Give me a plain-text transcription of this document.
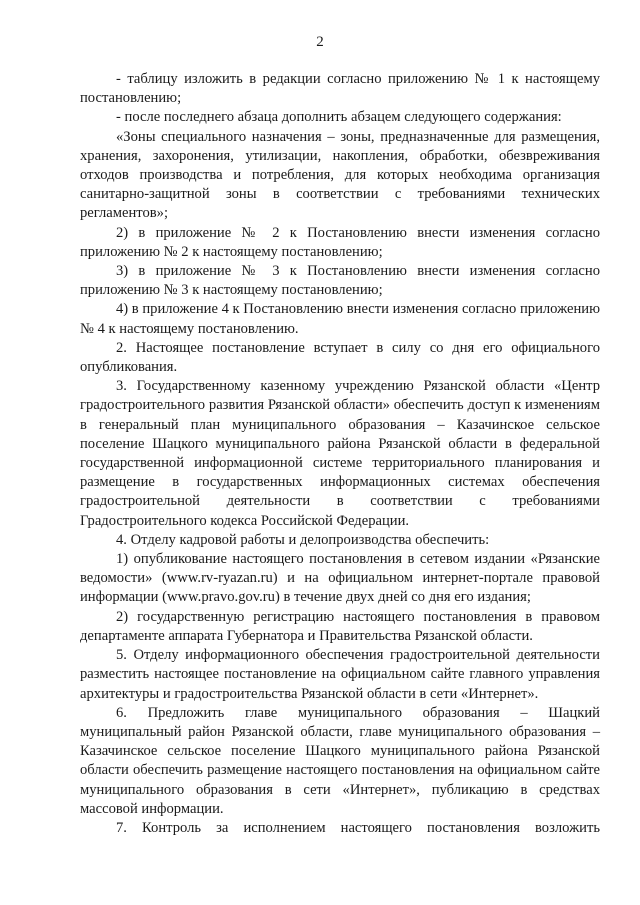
2

- таблицу изложить в редакции согласно приложению № 1 к настоящему постановлению;

- после последнего абзаца дополнить абзацем следующего содержания:

«Зоны специального назначения – зоны, предназначенные для размещения, хранения, захоронения, утилизации, накопления, обработки, обезвреживания отходов производства и потребления, для которых необходима организация санитарно-защитной зоны в соответствии с требованиями технических регламентов»;

2) в приложение № 2 к Постановлению внести изменения согласно приложению № 2 к настоящему постановлению;

3) в приложение № 3 к Постановлению внести изменения согласно приложению № 3 к настоящему постановлению;

4) в приложение 4 к Постановлению внести изменения согласно приложению № 4 к настоящему постановлению.

2. Настоящее постановление вступает в силу со дня его официального опубликования.

3. Государственному казенному учреждению Рязанской области «Центр градостроительного развития Рязанской области» обеспечить доступ к изменениям в генеральный план муниципального образования – Казачинское сельское поселение Шацкого муниципального района Рязанской области в федеральной государственной информационной системе территориального планирования и размещение в государственных информационных системах обеспечения градостроительной деятельности в соответствии с требованиями Градостроительного кодекса Российской Федерации.

4. Отделу кадровой работы и делопроизводства обеспечить:

1) опубликование настоящего постановления в сетевом издании «Рязанские ведомости» (www.rv-ryazan.ru) и на официальном интернет-портале правовой информации (www.pravo.gov.ru) в течение двух дней со дня его издания;

2) государственную регистрацию настоящего постановления в правовом департаменте аппарата Губернатора и Правительства Рязанской области.

5. Отделу информационного обеспечения градостроительной деятельности разместить настоящее постановление на официальном сайте главного управления архитектуры и градостроительства Рязанской области в сети «Интернет».

6. Предложить главе муниципального образования – Шацкий муниципальный район Рязанской области, главе муниципального образования – Казачинское сельское поселение Шацкого муниципального района Рязанской области обеспечить размещение настоящего постановления на официальном сайте муниципального образования в сети «Интернет», публикацию в средствах массовой информации.

7. Контроль за исполнением настоящего постановления возложить
